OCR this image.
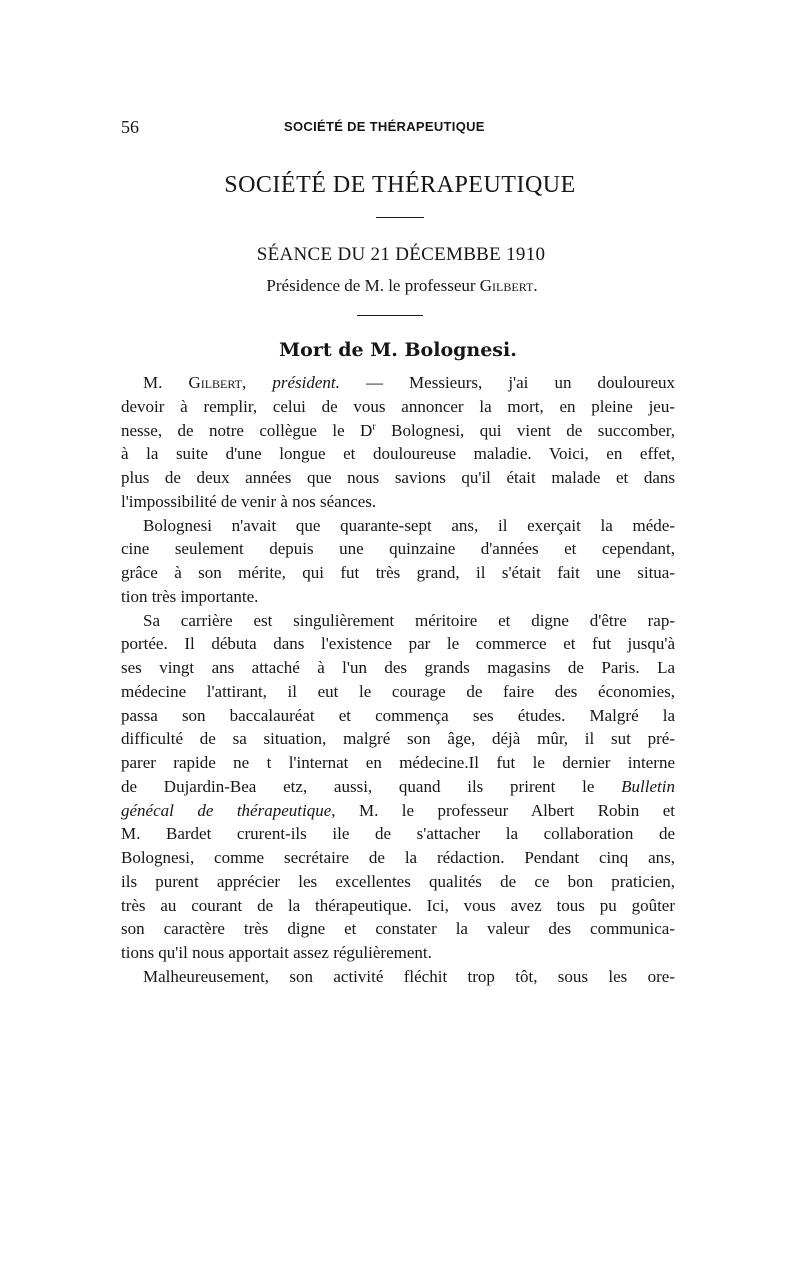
56	SOCIÉTÉ DE THÉRAPEUTIQUE
SOCIÉTÉ DE THÉRAPEUTIQUE
SÉANCE DU 21 DÉCEMBBE 1910
Présidence de M. le professeur Gilbert.
Mort de M. Bolognesi.
M. Gilbert, président. — Messieurs, j'ai un douloureux
devoir à remplir, celui de vous annoncer la mort, en pleine jeu-
nesse, de notre collègue le $D^r$ Bolognesi, qui vient de succomber,
à la suite d'une longue et douloureuse maladie. Voici, en effet,
plus de deux années que nous savions qu'il était malade et dans
l'impossibilité de venir à nos séances.
Bolognesi n'avait que quarante-sept ans, il exerçait la méde-
cine seulement depuis une quinzaine d'années et cependant,
grâce à son mérite, qui fut très grand, il s'était fait une situa-
tion très importante.
Sa carrière est singulièrement méritoire et digne d'être rap-
portée. Il débuta dans l'existence par le commerce et fut jusqu'à
ses vingt ans attaché à l'un des grands magasins de Paris. La
médecine l'attirant, il eut le courage de faire des économies,
passa son baccalauréat et commença ses études. Malgré la
difficulté de sa situation, malgré son âge, déjà mûr, il sut pré-
parer rapide ne t l'internat en médecine.Il fut le dernier interne
de Dujardin-Bea etz, aussi, quand ils prirent le Bulletin
génécal de thérapeutique, M. le professeur Albert Robin et
M. Bardet crurent-ils ile de s'attacher la collaboration de
Bolognesi, comme secrétaire de la rédaction. Pendant cinq ans,
ils purent apprécier les excellentes qualités de ce bon praticien,
très au courant de la thérapeutique. Ici, vous avez tous pu goûter
son caractère très digne et constater la valeur des communica-
tions qu'il nous apportait assez régulièrement.
Malheureusement, son activité fléchit trop tôt, sous les ore-
